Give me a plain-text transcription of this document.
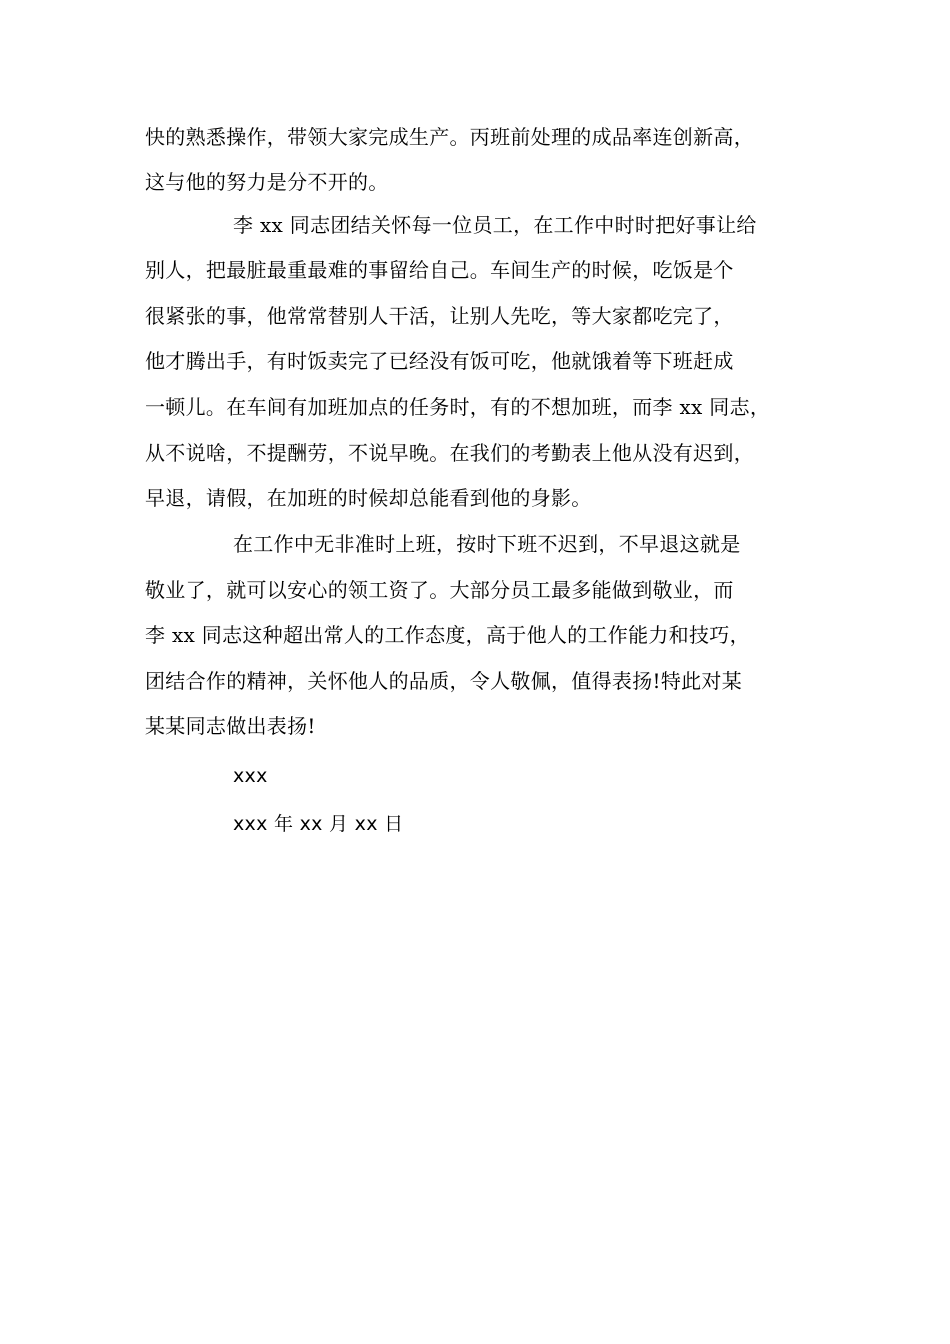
快的熟悉操作，带领大家完成生产。丙班前处理的成品率连创新高，
这与他的努力是分不开的。
李 xx 同志团结关怀每一位员工，在工作中时时把好事让给
别人，把最脏最重最难的事留给自己。车间生产的时候，吃饭是个
很紧张的事，他常常替别人干活，让别人先吃，等大家都吃完了，
他才腾出手，有时饭卖完了已经没有饭可吃，他就饿着等下班赶成
一顿儿。在车间有加班加点的任务时，有的不想加班，而李 xx 同志，
从不说啥，不提酬劳，不说早晚。在我们的考勤表上他从没有迟到，
早退，请假，在加班的时候却总能看到他的身影。
在工作中无非准时上班，按时下班不迟到，不早退这就是
敬业了，就可以安心的领工资了。大部分员工最多能做到敬业，而
李 xx 同志这种超出常人的工作态度，高于他人的工作能力和技巧，
团结合作的精神，关怀他人的品质，令人敬佩，值得表扬!特此对某
某某同志做出表扬!
xxx
xxx 年 xx 月 xx 日
